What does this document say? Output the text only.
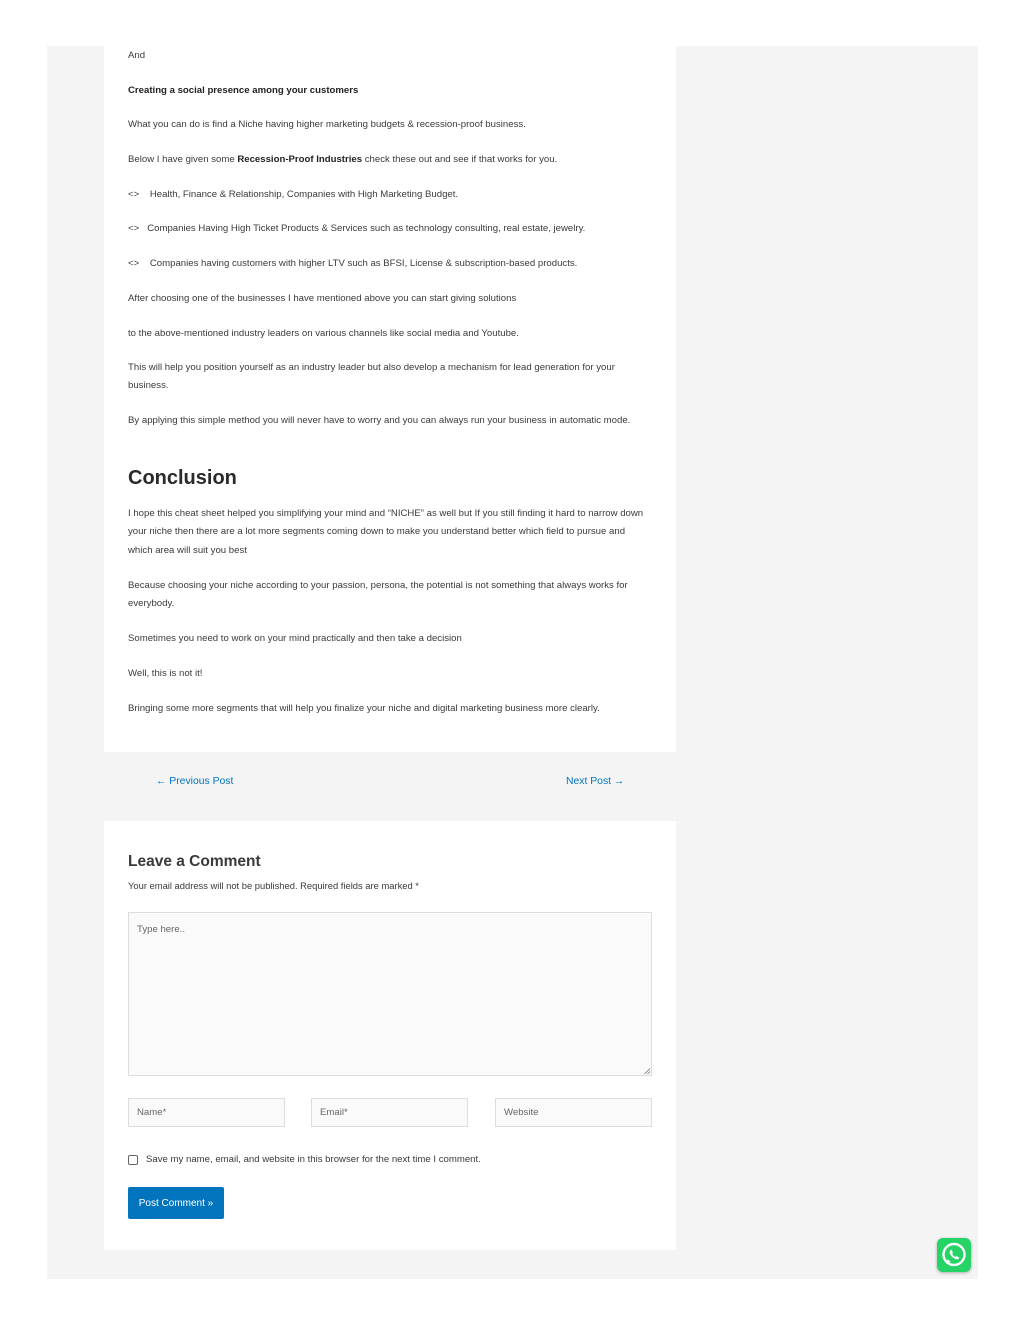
And

Creating a social presence among your customers

What you can do is find a Niche having higher marketing budgets & recession-proof business.

Below I have given some Recession-Proof Industries check these out and see if that works for you.

<>    Health, Finance & Relationship, Companies with High Marketing Budget.

<>   Companies Having High Ticket Products & Services such as technology consulting, real estate, jewelry.

<>    Companies having customers with higher LTV such as BFSI, License & subscription-based products.

After choosing one of the businesses I have mentioned above you can start giving solutions

to the above-mentioned industry leaders on various channels like social media and Youtube.

This will help you position yourself as an industry leader but also develop a mechanism for lead generation for your business.

By applying this simple method you will never have to worry and you can always run your business in automatic mode.

Conclusion

I hope this cheat sheet helped you simplifying your mind and “NICHE” as well but If you still finding it hard to narrow down your niche then there are a lot more segments coming down to make you understand better which field to pursue and which area will suit you best

Because choosing your niche according to your passion, persona, the potential is not something that always works for everybody.

Sometimes you need to work on your mind practically and then take a decision

Well, this is not it!

Bringing some more segments that will help you finalize your niche and digital marketing business more clearly.

← Previous Post	Next Post →
Leave a Comment
Your email address will not be published. Required fields are marked *
Type here..
Name*	Email*	Website
Save my name, email, and website in this browser for the next time I comment.
Post Comment »
